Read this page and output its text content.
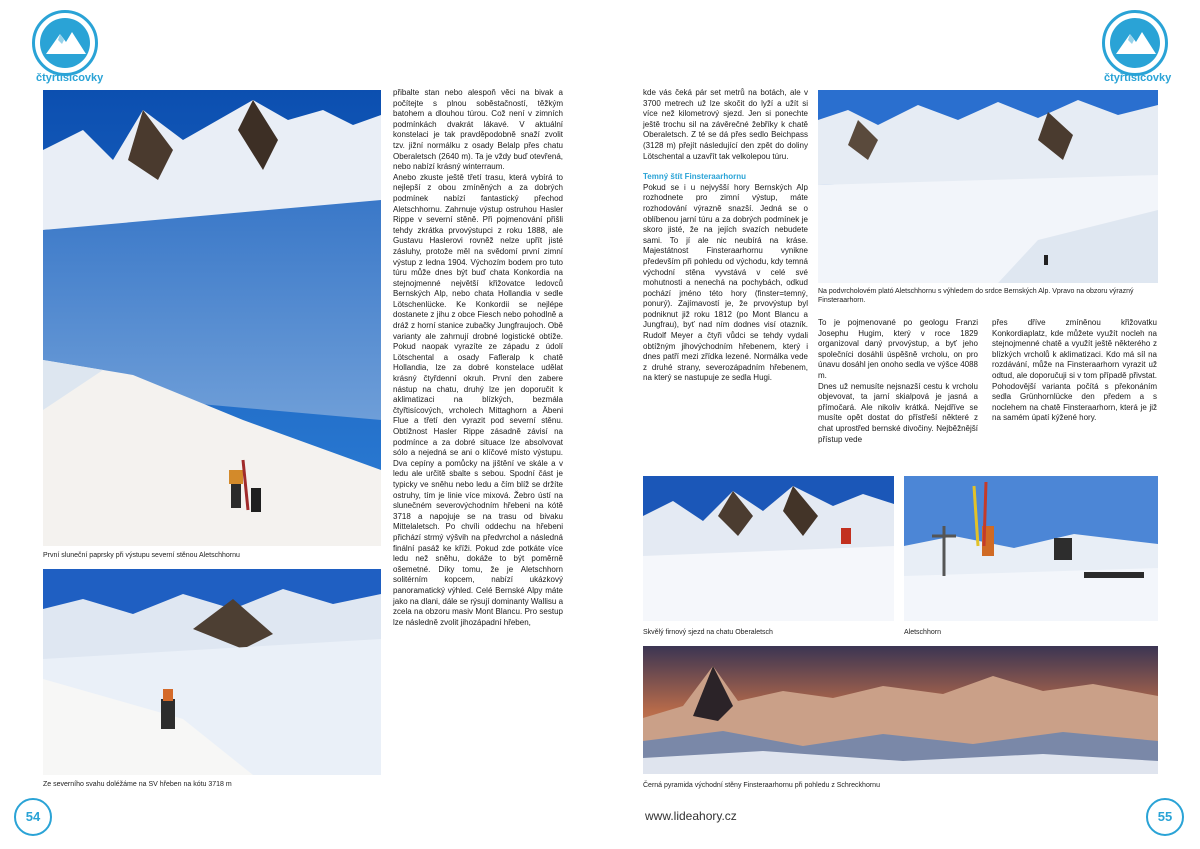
čtyřtisícovky	čtyřtisícovky
První sluneční paprsky při výstupu severní stěnou Aletschhornu
Ze severního svahu doléžáme na SV hřeben na kótu 3718 m

přibalte stan nebo alespoň věci na bivak a počítejte s plnou soběstačností, těžkým batohem a dlouhou túrou. Což není v zimních podmínkách dvakrát lákavé. V aktuální konstelaci je tak pravděpodobně snaží zvolit tzv. jižní normálku z osady Belalp přes chatu Oberaletsch (2640 m). Ta je vždy buď otevřená, nebo nabízí krásný winterraum.
Anebo zkuste ještě třetí trasu, která vybírá to nejlepší z obou zmíněných a za dobrých podmínek nabízí fantastický přechod Aletschhornu. Zahrnuje výstup ostruhou Hasler Rippe v severní stěně. Při pojmenování přišli tehdy zkrátka prvovýstupci z roku 1888, ale Gustavu Haslerovi rovněž nelze upřít jisté zásluhy, protože měl na svědomí první zimní výstup z ledna 1904. Výchozím bodem pro tuto túru může dnes být buď chata Konkordia na stejnojmenné největší křižovatce ledovců Bernských Alp, nebo chata Hollandia v sedle Lötschenlücke. Ke Konkordii se nejlépe dostanete z jihu z obce Fiesch nebo pohodlně a dráž z horní stanice zubačky Jungfraujoch. Obě varianty ale zahrnují drobné logistické obtíže. Pokud naopak vyrazíte ze západu z údolí Lötschental a osady Fafleralp k chatě Hollandia, lze za dobré konstelace udělat krásný čtyřdenní okruh. První den zabere nástup na chatu, druhý lze jen doporučit k aklimatizaci na blízkých, bezmála čtyřtisícových, vrcholech Mittaghorn a Äbeni Flue a třetí den vyrazit pod severní stěnu. Obtížnost Hasler Rippe zásadně závisí na podmínce a za dobré situace lze absolvovat sólo a nejedná se ani o klíčové místo výstupu. Dva cepíny a pomůcky na jištění ve skále a v ledu ale určitě sbalte s sebou. Spodní část je typicky ve sněhu nebo ledu a čím blíž se držíte ostruhy, tím je linie více mixová. Žebro ústí na slunečném severovýchodním hřebeni na kótě 3718 a napojuje se na trasu od bivaku Mittelaletsch. Po chvíli oddechu na hřebeni přichází strmý výšvih na předvrchol a následná finální pasáž ke kříži. Pokud zde potkáte více ledu než sněhu, dokáže to být poměrně ošemetné. Díky tomu, že je Aletschhorn solitérním kopcem, nabízí ukázkový panoramatický výhled. Celé Bernské Alpy máte jako na dlani, dále se rýsují dominanty Wallisu a zcela na obzoru masiv Mont Blancu. Pro sestup lze následně zvolit jihozápadní hřeben,

kde vás čeká pár set metrů na botách, ale v 3700 metrech už lze skočit do lyží a užít si více než kilometrový sjezd. Jen si ponechte ještě trochu sil na závěrečné žebříky k chatě Oberaletsch. Z té se dá přes sedlo Beichpass (3128 m) přejít následující den zpět do doliny Lötschental a uzavřít tak velkolepou túru.

Temný štít Finsteraarhornu

Pokud se i u nejvyšší hory Bernských Alp rozhodnete pro zimní výstup, máte rozhodování výrazně snazší. Jedná se o oblíbenou jarní túru a za dobrých podmínek je skoro jisté, že na jejích svazích nebudete sami. To jí ale nic neubírá na kráse. Majestátnost Finsteraarhornu vynikne především při pohledu od východu, kdy temná východní stěna vyvstává v celé své mohutnosti a nenechá na pochybách, odkud pochází jméno této hory (finster=temný, ponurý). Zajímavostí je, že prvovýstup byl podniknut již roku 1812 (po Mont Blancu a Jungfrau), byť nad ním dodnes visí otazník. Rudolf Meyer a čtyři vůdci se tehdy vydali obtížným jihovýchodním hřebenem, který i dnes patří mezi zřídka lezené. Normálka vede z druhé strany, severozápadním hřebenem, na který se nastupuje ze sedla Hugi.

Na podvrcholovém plató Aletschhornu s výhledem do srdce Bernských Alp. Vpravo na obzoru výrazný Finsteraarhorn.

To je pojmenované po geologu Franzi Josephu Hugim, který v roce 1829 organizoval daný prvovýstup, a byť jeho společníci dosáhli úspěšně vrcholu, on pro únavu dosáhl jen onoho sedla ve výšce 4088 m.
Dnes už nemusíte nejsnazší cestu k vrcholu objevovat, ta jarní skialpová je jasná a přímočará. Ale nikoliv krátká. Nejdříve se musíte opět dostat do přístřeší některé z chat uprostřed bernské divočiny. Nejběžnější přístup vede

přes dříve zmíněnou křižovatku Konkordiaplatz, kde můžete využít nocleh na stejnojmenné chatě a využít ještě některého z blízkých vrcholů k aklimatizaci. Kdo má síl na rozdávání, může na Finsteraarhorn vyrazit už odtud, ale doporučuji si v tom případě přivstat. Pohodovější varianta počítá s překonáním sedla Grünhornlücke den předem a s noclehem na chatě Finsteraarhorn, která je již na samém úpatí kýžené hory.

Skvělý firnový sjezd na chatu Oberaletsch	Aletschhorn
Černá pyramida východní stěny Finsteraarhornu při pohledu z Schreckhornu
54	www.lideahory.cz	55
